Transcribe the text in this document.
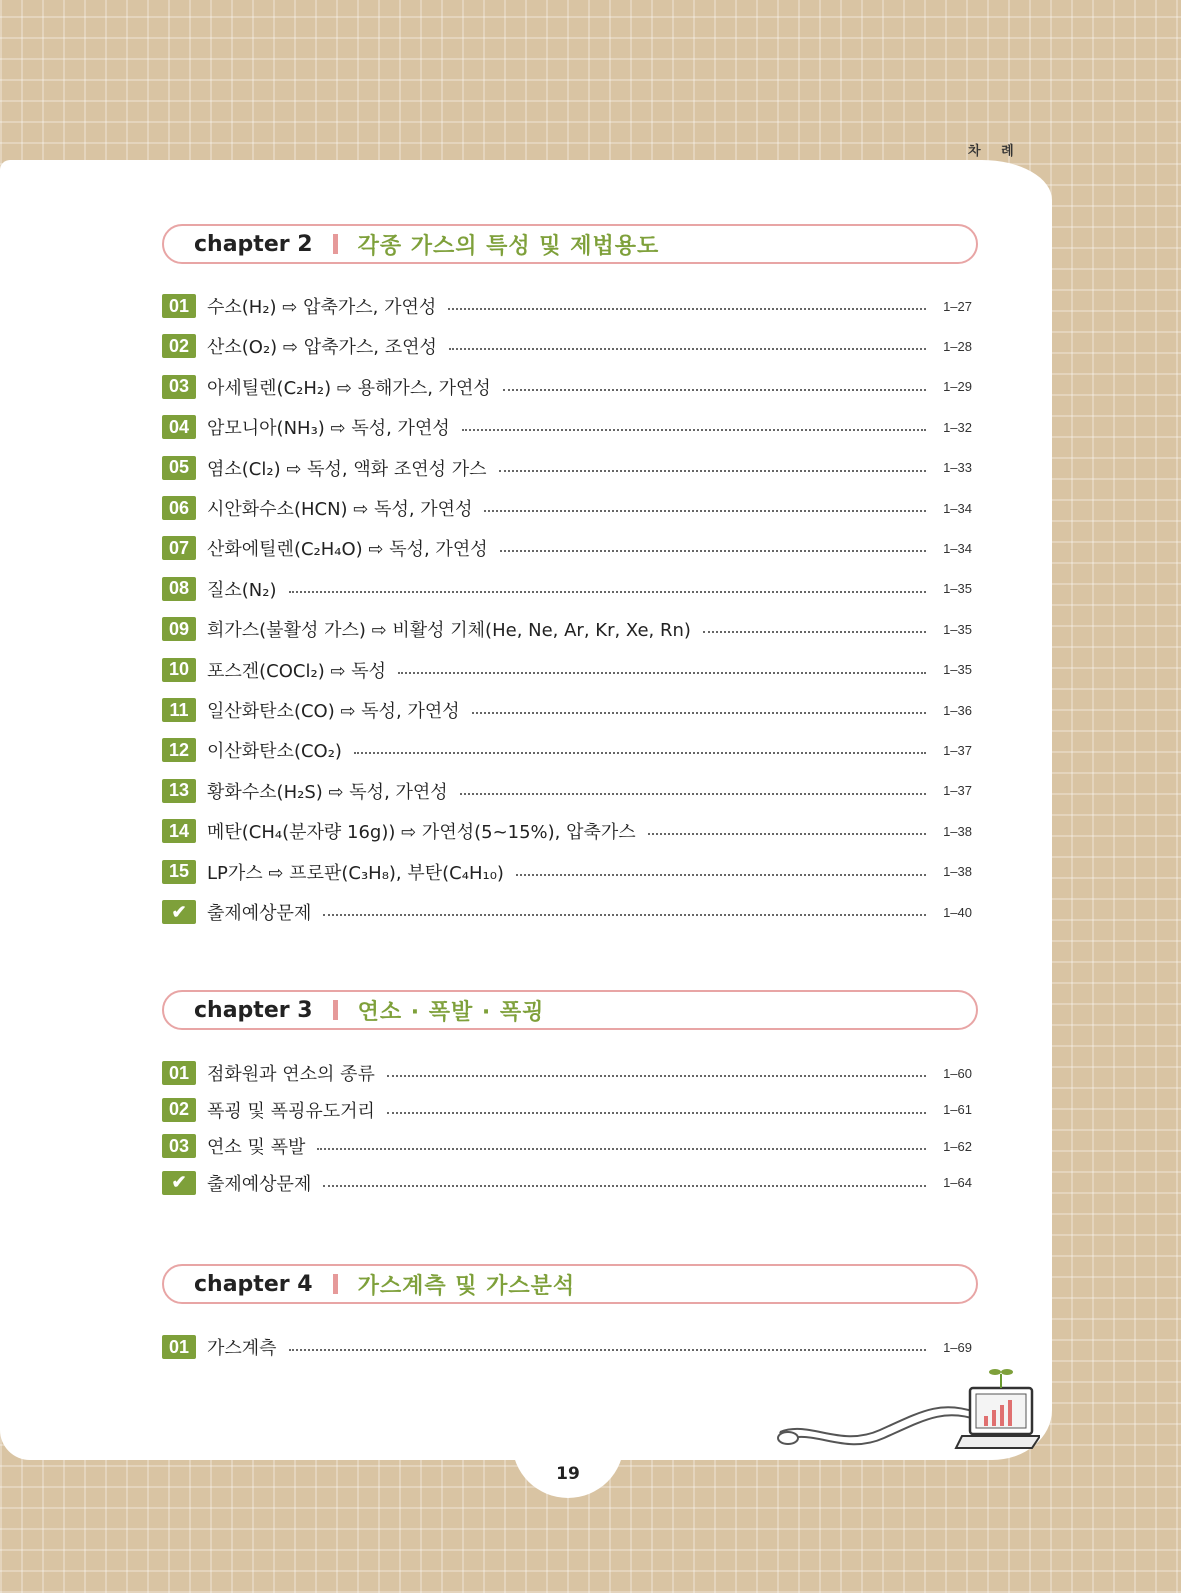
차 례
19
chapter 2 각종 가스의 특성 및 제법용도
01 수소(H₂) ⇨ 압축가스, 가연성	1–27
02 산소(O₂) ⇨ 압축가스, 조연성	1–28
03 아세틸렌(C₂H₂) ⇨ 용해가스, 가연성	1–29
04 암모니아(NH₃) ⇨ 독성, 가연성	1–32
05 염소(Cl₂) ⇨ 독성, 액화 조연성 가스	1–33
06 시안화수소(HCN) ⇨ 독성, 가연성	1–34
07 산화에틸렌(C₂H₄O) ⇨ 독성, 가연성	1–34
08 질소(N₂)	1–35
09 희가스(불활성 가스) ⇨ 비활성 기체(He, Ne, Ar, Kr, Xe, Rn)	1–35
10 포스겐(COCl₂) ⇨ 독성	1–35
11	일산화탄소(CO) ⇨ 독성, 가연성	1–36
12 이산화탄소(CO₂)	1–37
13 황화수소(H₂S) ⇨ 독성, 가연성	1–37
14 메탄(CH₄(분자량 16g)) ⇨ 가연성(5~15%), 압축가스	1–38
15 LP가스 ⇨ 프로판(C₃H₈), 부탄(C₄H₁₀)	1–38
✔	출제예상문제	1–40
chapter 3 연소 · 폭발 · 폭굉
01 점화원과 연소의 종류	1–60
02 폭굉 및 폭굉유도거리	1–61
03 연소 및 폭발	1–62
✔	출제예상문제	1–64
chapter 4 가스계측 및 가스분석
01 가스계측	1–69
